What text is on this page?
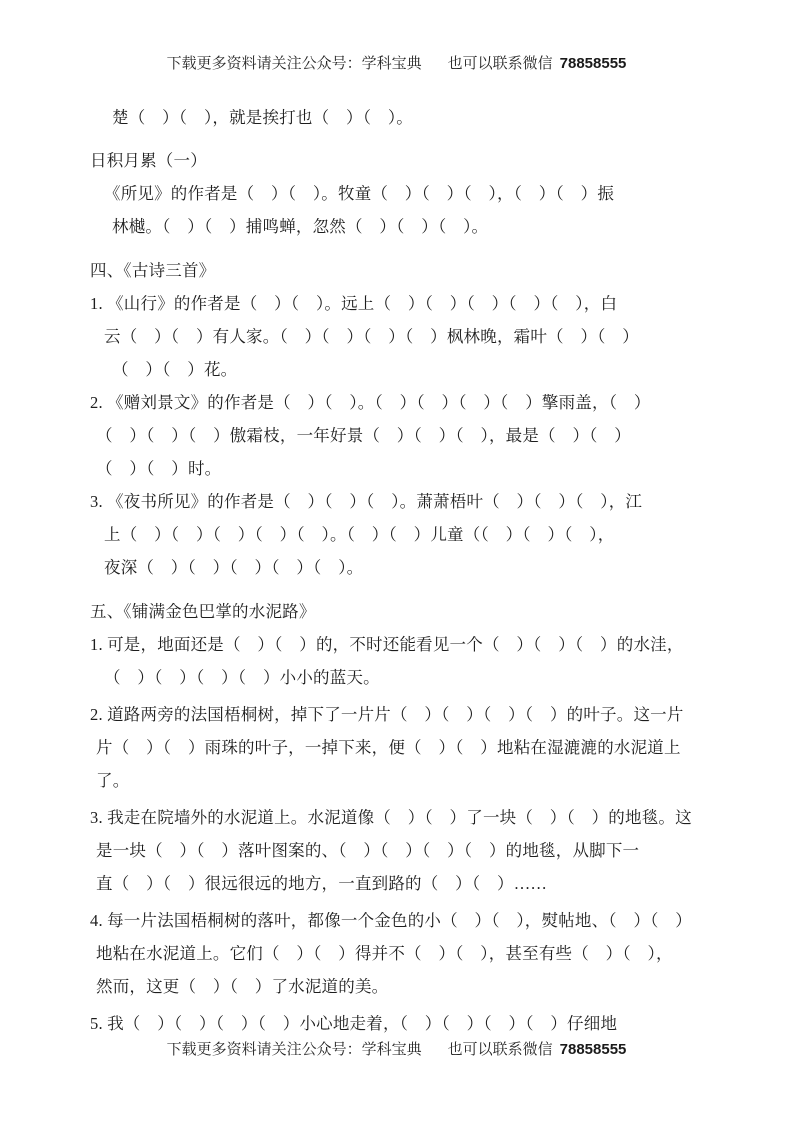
下载更多资料请关注公众号：学科宝典 也可以联系微信 78858555
楚（　）（　），就是挨打也（　）（　）。
日积月累（一）
《所见》的作者是（　）（　）。牧童（　）（　）（　），（　）（　）振
林樾。（　）（　）捕鸣蝉，忽然（　）（　）（　）。
四、《古诗三首》
1. 《山行》的作者是（　）（　）。远上（　）（　）（　）（　）（　），白
云（　）（　）有人家。（　）（　）（　）（　）枫林晚，霜叶（　）（　）
（　）（　）花。
2. 《赠刘景文》的作者是（　）（　）。（　）（　）（　）（　）擎雨盖，（　）
（　）（　）（　）傲霜枝，一年好景（　）（　）（　），最是（　）（　）
（　）（　）时。
3. 《夜书所见》的作者是（　）（　）（　）。萧萧梧叶（　）（　）（　），江
上（　）（　）（　）（　）（　）。（　）（　）儿童（（　）（　）（　），
夜深（　）（　）（　）（　）（　）。
五、《铺满金色巴掌的水泥路》
1. 可是，地面还是（　）（　）的，不时还能看见一个（　）（　）（　）的水洼，
（　）（　）（　）（　）小小的蓝天。
2. 道路两旁的法国梧桐树，掉下了一片片（　）（　）（　）（　）的叶子。这一片
片（　）（　）雨珠的叶子，一掉下来，便（　）（　）地粘在湿漉漉的水泥道上
了。
3. 我走在院墙外的水泥道上。水泥道像（　）（　）了一块（　）（　）的地毯。这
是一块（　）（　）落叶图案的、（　）（　）（　）（　）的地毯，从脚下一
直（　）（　）很远很远的地方，一直到路的（　）（　）……
4. 每一片法国梧桐树的落叶，都像一个金色的小（　）（　），熨帖地、（　）（　）
地粘在水泥道上。它们（　）（　）得并不（　）（　），甚至有些（　）（　），
然而，这更（　）（　）了水泥道的美。
5. 我（　）（　）（　）（　）小心地走着，（　）（　）（　）（　）仔细地
下载更多资料请关注公众号：学科宝典 也可以联系微信 78858555
